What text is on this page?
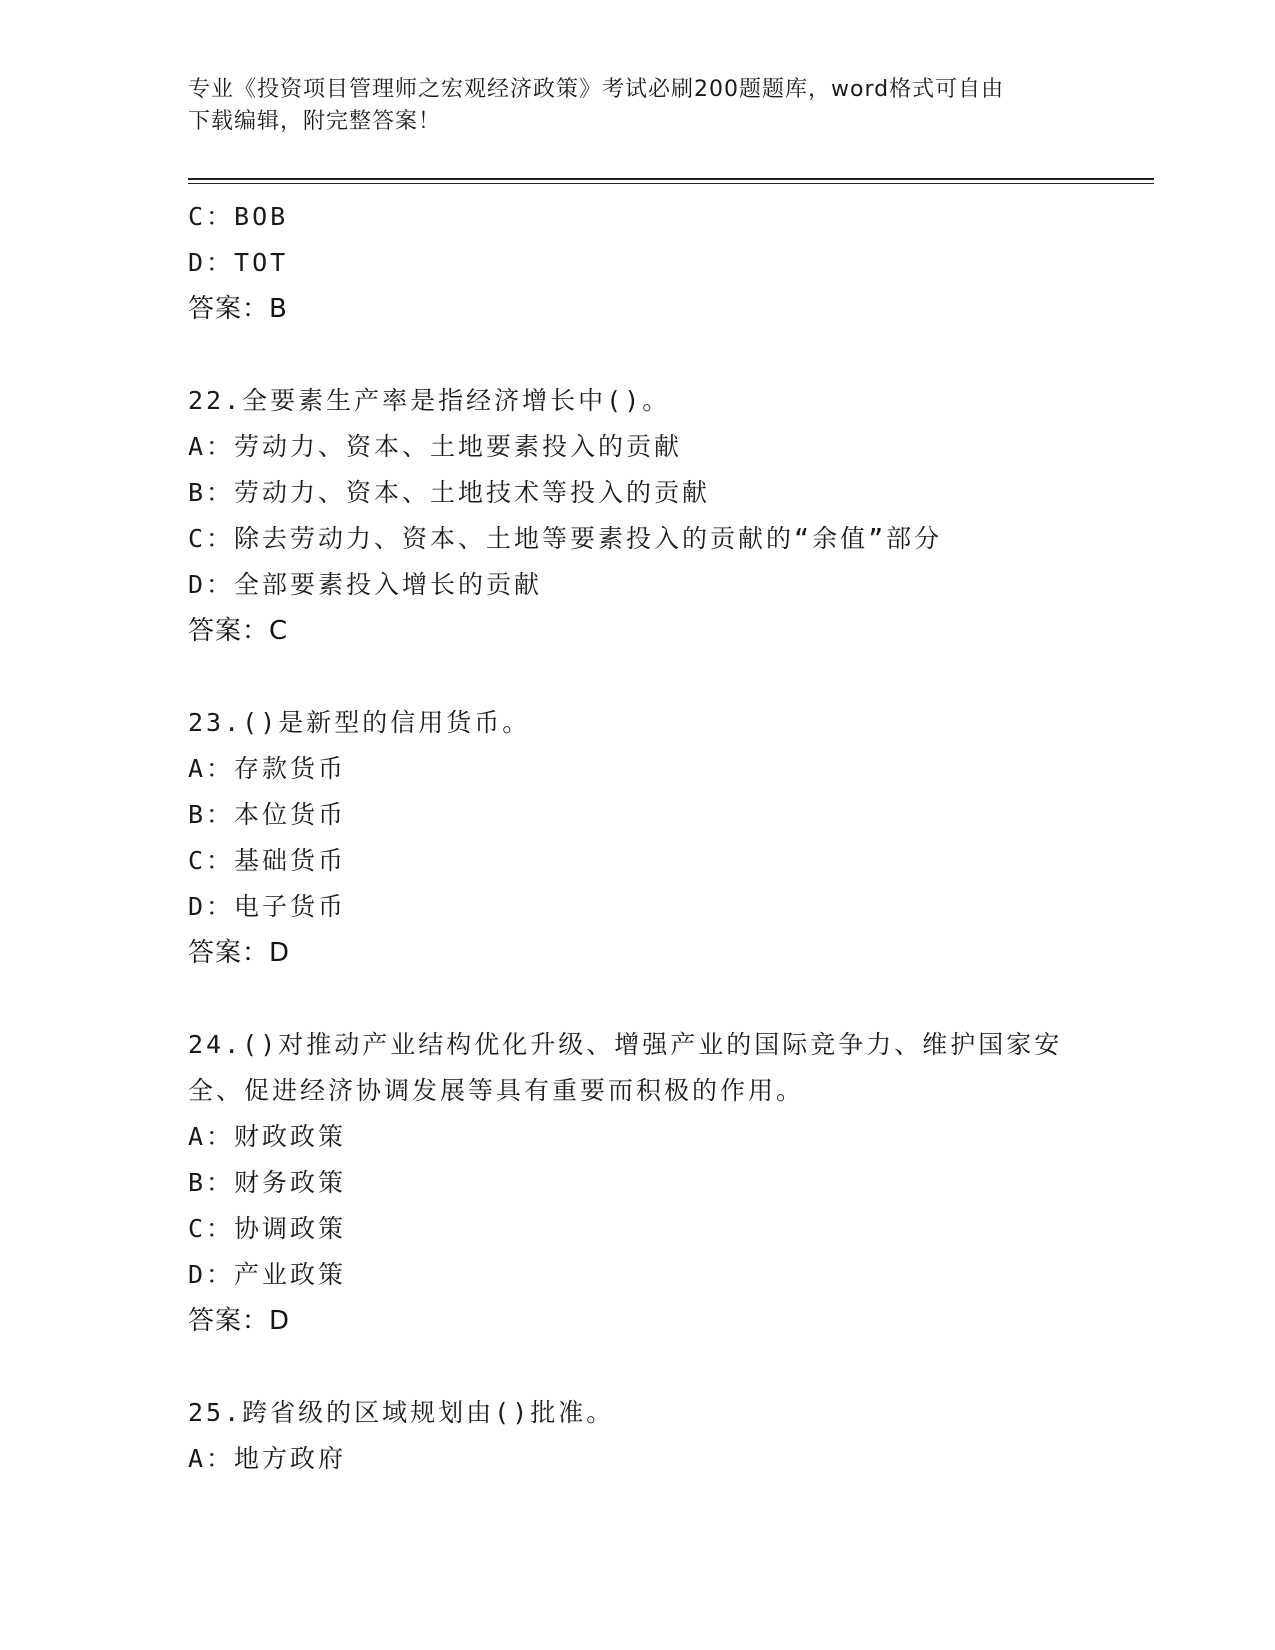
专业《投资项目管理师之宏观经济政策》考试必刷200题题库，word格式可自由
下载编辑，附完整答案！
C：BOB
D：TOT
答案：B
22.全要素生产率是指经济增长中()。
A：劳动力、资本、土地要素投入的贡献
B：劳动力、资本、土地技术等投入的贡献
C：除去劳动力、资本、土地等要素投入的贡献的“余值”部分
D：全部要素投入增长的贡献
答案：C
23.()是新型的信用货币。
A：存款货币
B：本位货币
C：基础货币
D：电子货币
答案：D
24.()对推动产业结构优化升级、增强产业的国际竞争力、维护国家安
全、促进经济协调发展等具有重要而积极的作用。
A：财政政策
B：财务政策
C：协调政策
D：产业政策
答案：D
25.跨省级的区域规划由()批准。
A：地方政府
